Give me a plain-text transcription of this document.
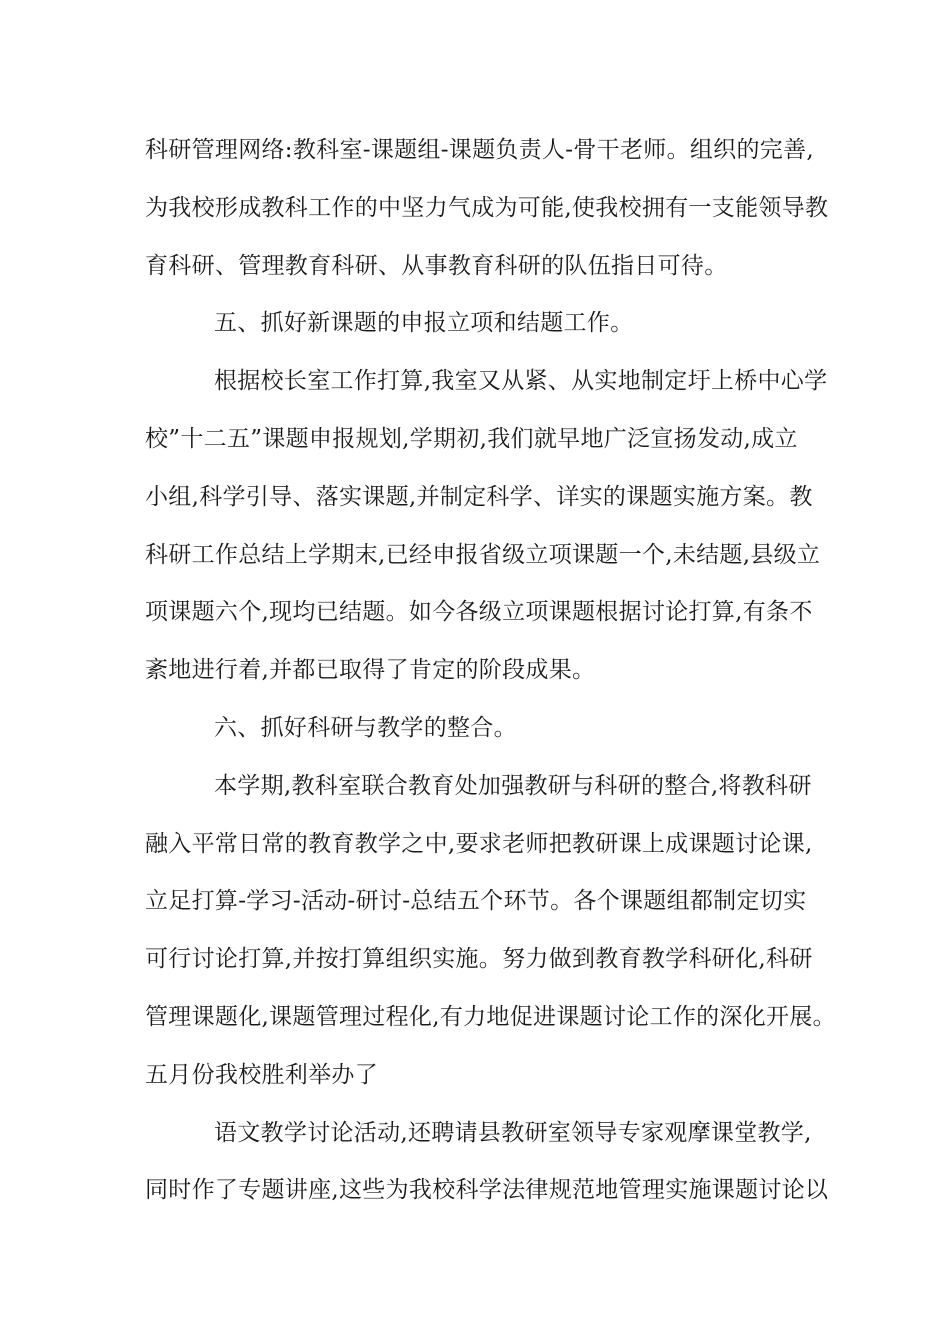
科研管理网络:教科室-课题组-课题负责人-骨干老师。组织的完善,

为我校形成教科工作的中坚力气成为可能,使我校拥有一支能领导教

育科研、管理教育科研、从事教育科研的队伍指日可待。

五、抓好新课题的申报立项和结题工作。

根据校长室工作打算,我室又从紧、从实地制定圩上桥中心学

校”十二五”课题申报规划,学期初,我们就早地广泛宣扬发动,成立

小组,科学引导、落实课题,并制定科学、详实的课题实施方案。教

科研工作总结上学期末,已经申报省级立项课题一个,未结题,县级立

项课题六个,现均已结题。如今各级立项课题根据讨论打算,有条不

紊地进行着,并都已取得了肯定的阶段成果。

六、抓好科研与教学的整合。

本学期,教科室联合教育处加强教研与科研的整合,将教科研

融入平常日常的教育教学之中,要求老师把教研课上成课题讨论课,

立足打算-学习-活动-研讨-总结五个环节。各个课题组都制定切实

可行讨论打算,并按打算组织实施。努力做到教育教学科研化,科研

管理课题化,课题管理过程化,有力地促进课题讨论工作的深化开展。

五月份我校胜利举办了

语文教学讨论活动,还聘请县教研室领导专家观摩课堂教学,

同时作了专题讲座,这些为我校科学法律规范地管理实施课题讨论以
